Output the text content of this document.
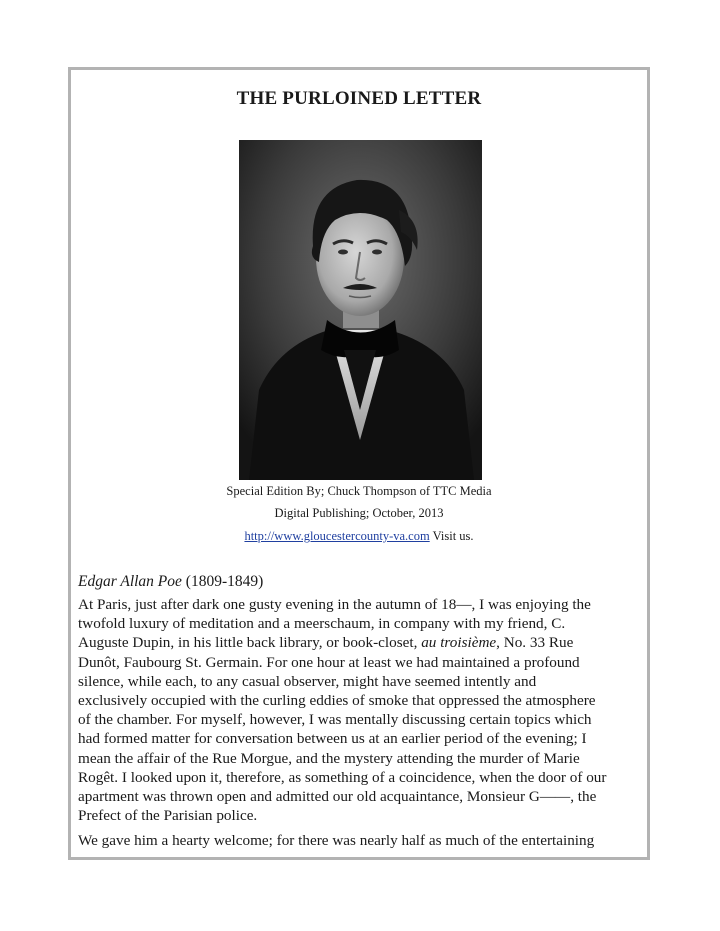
THE PURLOINED LETTER
Special Edition By; Chuck Thompson of TTC Media
Digital Publishing; October, 2013
http://www.gloucestercounty-va.com Visit us.
Edgar Allan Poe (1809-1849)
At Paris, just after dark one gusty evening in the autumn of 18—, I was enjoying the
twofold luxury of meditation and a meerschaum, in company with my friend, C.
Auguste Dupin, in his little back library, or book-closet, au troisième, No. 33 Rue
Dunôt, Faubourg St. Germain. For one hour at least we had maintained a profound
silence, while each, to any casual observer, might have seemed intently and
exclusively occupied with the curling eddies of smoke that oppressed the atmosphere
of the chamber. For myself, however, I was mentally discussing certain topics which
had formed matter for conversation between us at an earlier period of the evening; I
mean the affair of the Rue Morgue, and the mystery attending the murder of Marie
Rogêt. I looked upon it, therefore, as something of a coincidence, when the door of our
apartment was thrown open and admitted our old acquaintance, Monsieur G——, the
Prefect of the Parisian police.
We gave him a hearty welcome; for there was nearly half as much of the entertaining
